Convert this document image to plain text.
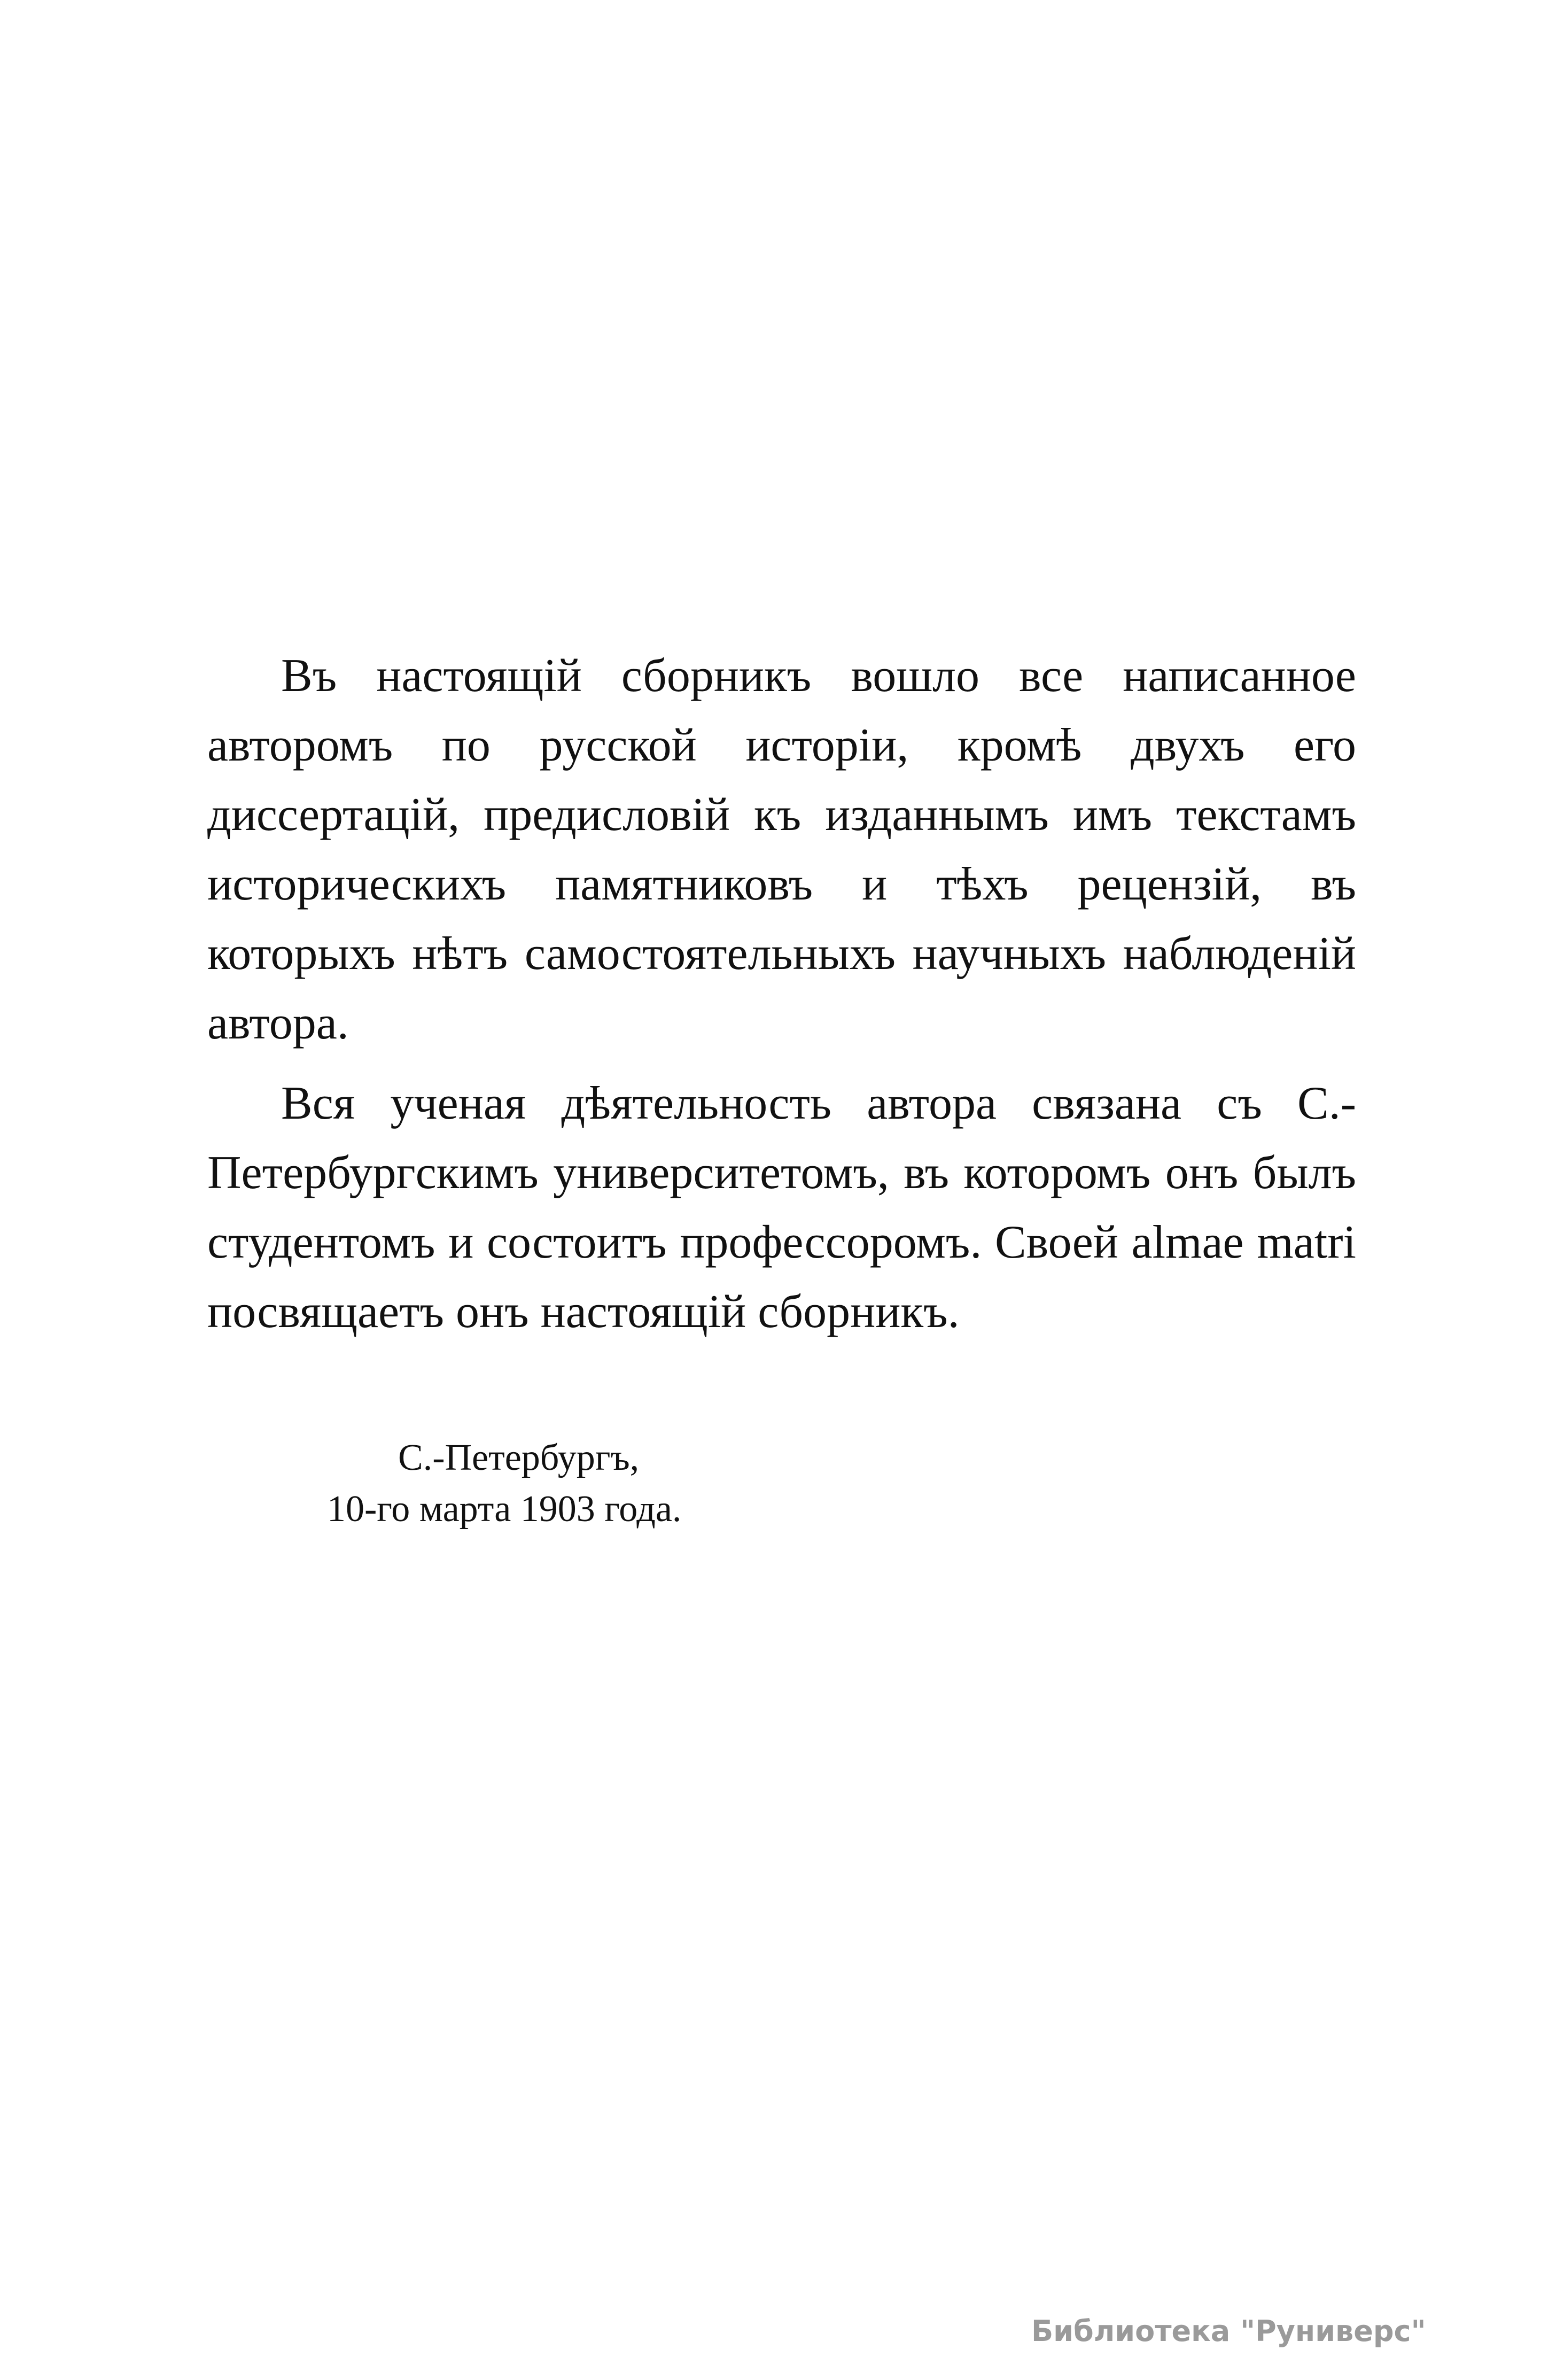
Въ настоящій сборникъ вошло все написанное авторомъ по русской исторіи, кромѣ двухъ его диссертацій, предисловій къ изданнымъ имъ текстамъ историческихъ памятниковъ и тѣхъ рецензій, въ которыхъ нѣтъ самостоятельныхъ научныхъ наблюденій автора.

Вся ученая дѣятельность автора связана съ С.-Петербургскимъ университетомъ, въ которомъ онъ былъ студентомъ и состоитъ профессоромъ. Своей almae matri посвящаетъ онъ настоящій сборникъ.

С.-Петербургъ,
10-го марта 1903 года.
Библиотека "Руниверс"
